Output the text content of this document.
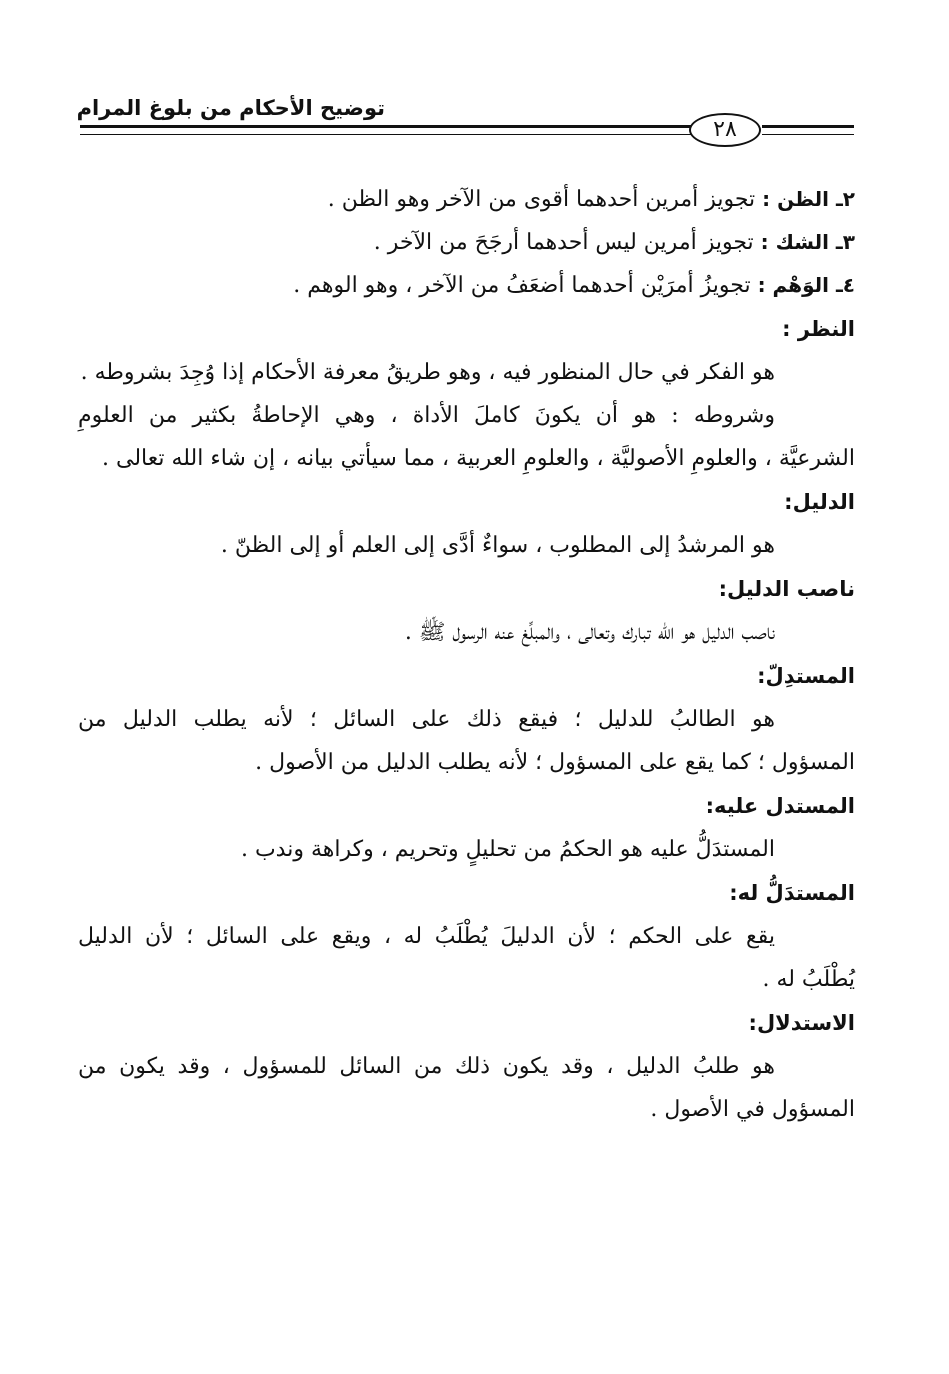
توضيح الأحكام من بلوغ المرام
٢٨
٢ـ الظن : تجويز أمرين أحدهما أقوى من الآخر وهو الظن .
٣ـ الشك : تجويز أمرين ليس أحدهما أرجَحَ من الآخر .
٤ـ الوَهْم : تجويزُ أمرَيْن أحدهما أضعَفُ من الآخر ، وهو الوهم .
النظر :
هو الفكر في حال المنظور فيه ، وهو طريقُ معرفة الأحكام إذا وُجِدَ بشروطه .
وشروطه : هو أن يكونَ كاملَ الأداة ، وهي الإحاطةُ بكثير من العلومِ
الشرعيَّة ، والعلومِ الأصوليَّة ، والعلومِ العربية ، مما سيأتي بيانه ، إن شاء الله تعالى .
الدليل:
هو المرشدُ إلى المطلوب ، سواءٌ أدَّى إلى العلم أو إلى الظنّ .
ناصب الدليل:
ناصب الدليل هو الله تبارك وتعالى ، والمبلِّغ عنه الرسول ﷺ .
المستدِلّ:
هو الطالبُ للدليل ؛ فيقع ذلك على السائل ؛ لأنه يطلب الدليل من
المسؤول ؛ كما يقع على المسؤول ؛ لأنه يطلب الدليل من الأصول .
المستدل عليه:
المستدَلُّ عليه هو الحكمُ من تحليلٍ وتحريم ، وكراهة وندب .
المستدَلُّ له:
يقع على الحكم ؛ لأن الدليلَ يُطْلَبُ له ، ويقع على السائل ؛ لأن الدليل
يُطْلَبُ له .
الاستدلال:
هو طلبُ الدليل ، وقد يكون ذلك من السائل للمسؤول ، وقد يكون من
المسؤول في الأصول .
